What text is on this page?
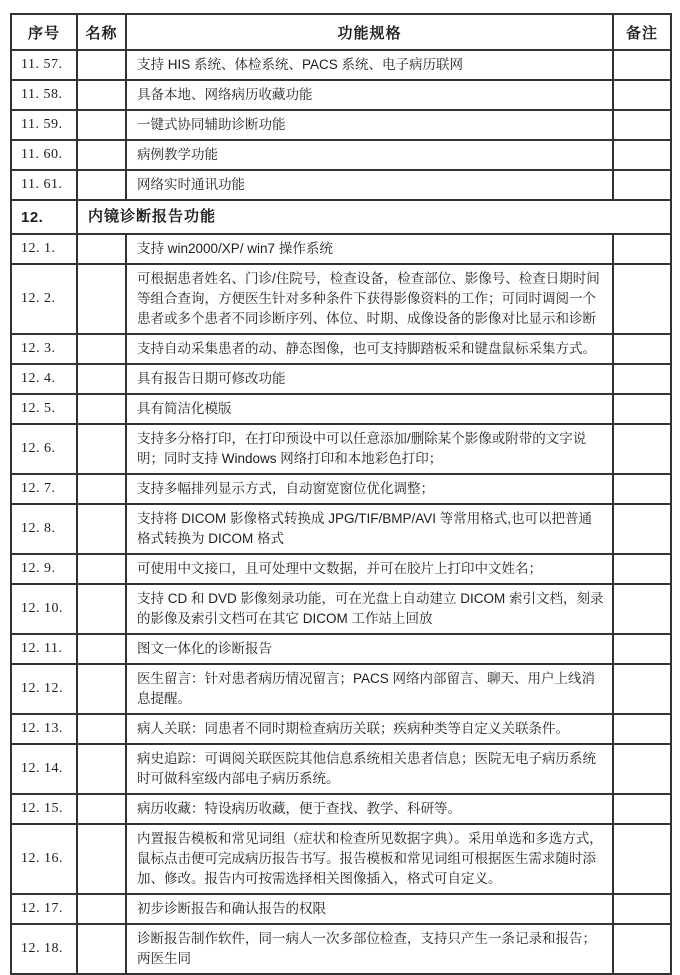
序号	名称	功能规格	备注
11. 57.		支持 HIS 系统、体检系统、PACS 系统、电子病历联网	
11. 58.		具备本地、网络病历收藏功能	
11. 59.		一键式协同辅助诊断功能	
11. 60.		病例教学功能	
11. 61.		网络实时通讯功能	
12.	内镜诊断报告功能		
12. 1.		支持 win2000/XP/ win7 操作系统	
12. 2.		可根据患者姓名、门诊/住院号，检查设备，检查部位、影像号、检查日期时间等组合查询，方便医生针对多种条件下获得影像资料的工作；可同时调阅一个患者或多个患者不同诊断序列、体位、时期、成像设备的影像对比显示和诊断	
12. 3.		支持自动采集患者的动、静态图像，也可支持脚踏板采和键盘鼠标采集方式。	
12. 4.		具有报告日期可修改功能	
12. 5.		具有简洁化模版	
12. 6.		支持多分格打印，在打印预设中可以任意添加/删除某个影像或附带的文字说明；同时支持 Windows 网络打印和本地彩色打印；	
12. 7.		支持多幅排列显示方式，自动窗宽窗位优化调整；	
12. 8.		支持将 DICOM 影像格式转换成 JPG/TIF/BMP/AVI 等常用格式,也可以把普通格式转换为 DICOM 格式	
12. 9.		可使用中文接口，且可处理中文数据，并可在胶片上打印中文姓名；	
12. 10.		支持 CD 和 DVD 影像刻录功能，可在光盘上自动建立 DICOM 索引文档，刻录的影像及索引文档可在其它 DICOM 工作站上回放	
12. 11.		图文一体化的诊断报告	
12. 12.		医生留言：针对患者病历情况留言；PACS 网络内部留言、聊天、用户上线消息提醒。	
12. 13.		病人关联：同患者不同时期检查病历关联；疾病种类等自定义关联条件。	
12. 14.		病史追踪：可调阅关联医院其他信息系统相关患者信息；医院无电子病历系统时可做科室级内部电子病历系统。	
12. 15.		病历收藏：特设病历收藏，便于查找、教学、科研等。	
12. 16.		内置报告模板和常见词组（症状和检查所见数据字典）。采用单选和多选方式，鼠标点击便可完成病历报告书写。报告模板和常见词组可根据医生需求随时添加、修改。报告内可按需选择相关图像插入，格式可自定义。	
12. 17.		初步诊断报告和确认报告的权限	
12. 18.		诊断报告制作软件，同一病人一次多部位检查，支持只产生一条记录和报告；两医生同	
